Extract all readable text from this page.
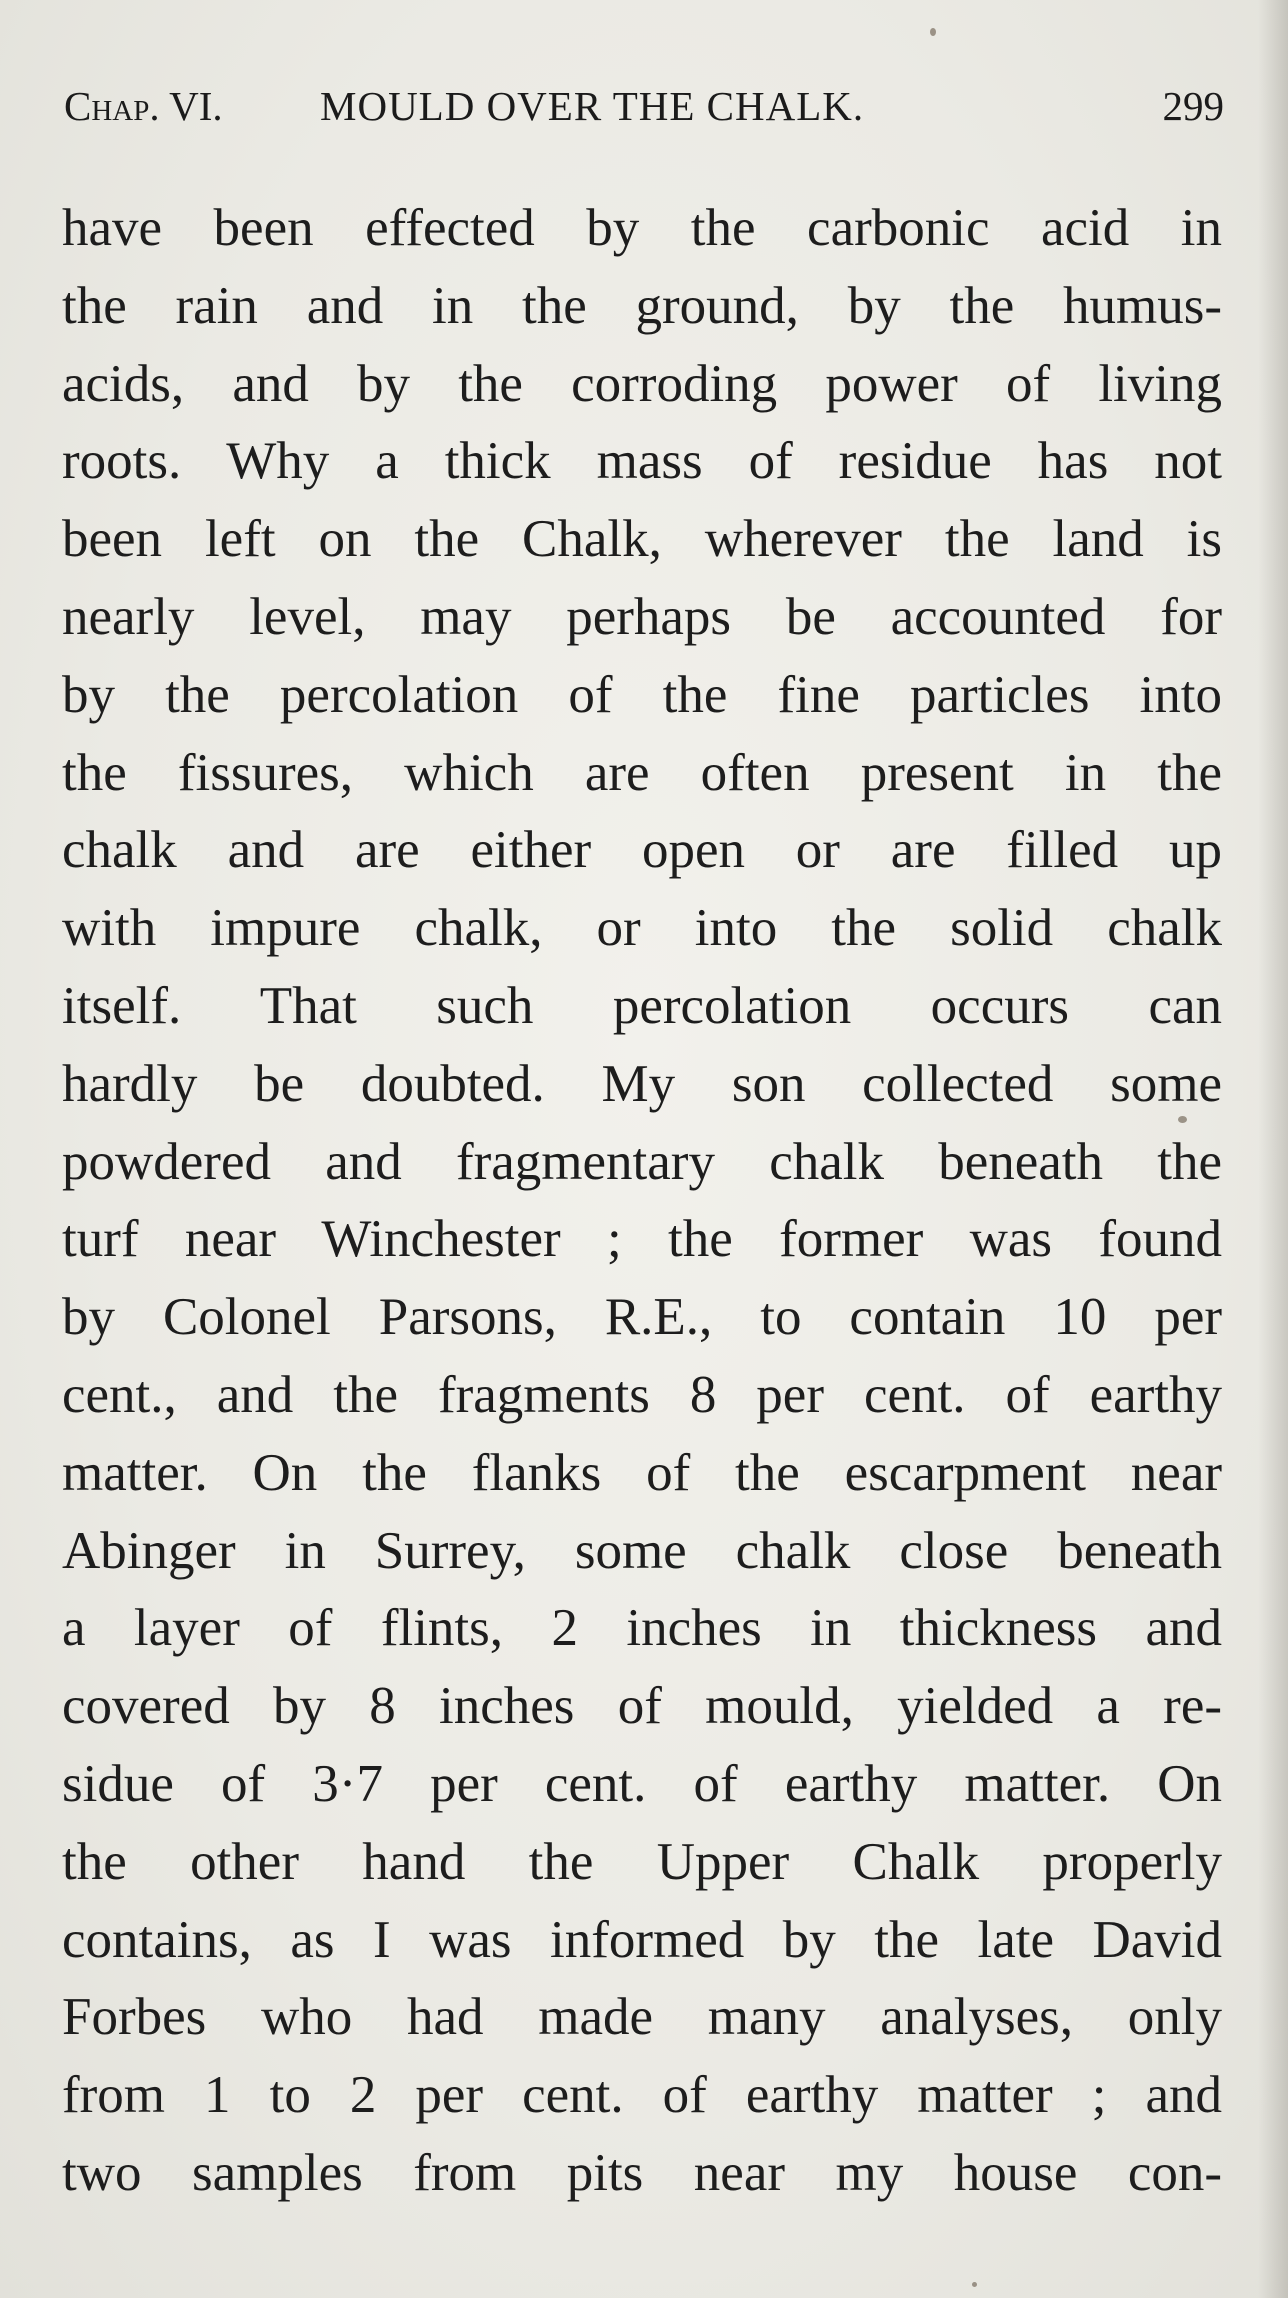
Chap. VI. MOULD OVER THE CHALK.	299
have been effected by the carbonic acid in
the rain and in the ground, by the humus-
acids, and by the corroding power of living
roots. Why a thick mass of residue has not
been left on the Chalk, wherever the land is
nearly level, may perhaps be accounted for
by the percolation of the fine particles into
the fissures, which are often present in the
chalk and are either open or are filled up
with impure chalk, or into the solid chalk
itself. That such percolation occurs can
hardly be doubted. My son collected some
powdered and fragmentary chalk beneath the
turf near Winchester ; the former was found
by Colonel Parsons, R.E., to contain 10 per
cent., and the fragments 8 per cent. of earthy
matter. On the flanks of the escarpment near
Abinger in Surrey, some chalk close beneath
a layer of flints, 2 inches in thickness and
covered by 8 inches of mould, yielded a re-
sidue of 3·7 per cent. of earthy matter. On
the other hand the Upper Chalk properly
contains, as I was informed by the late David
Forbes who had made many analyses, only
from 1 to 2 per cent. of earthy matter ; and
two samples from pits near my house con-
